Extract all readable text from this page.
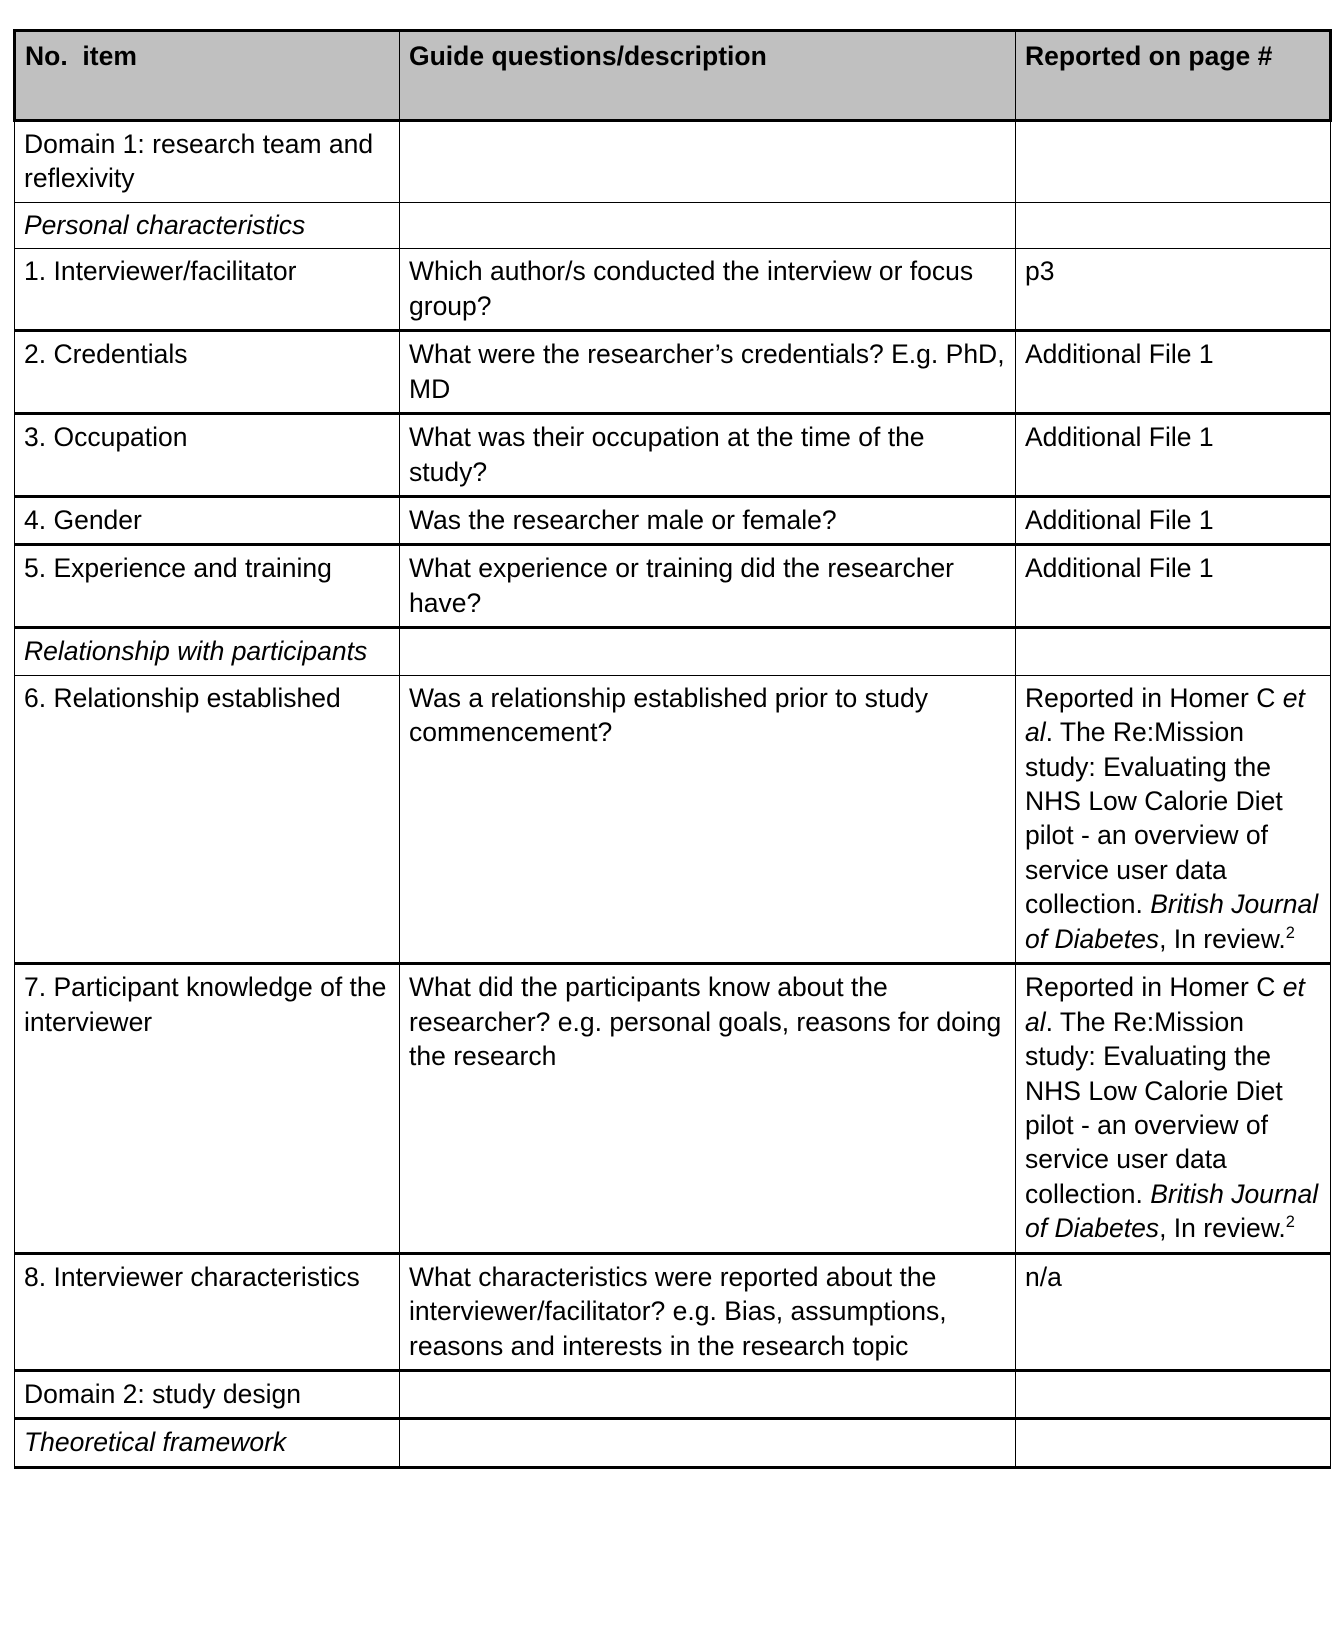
No.  item	Guide questions/description	Reported on page #
Domain 1: research team and reflexivity		
Personal characteristics		
1. Interviewer/facilitator	Which author/s conducted the interview or focus group?	p3
2. Credentials	What were the researcher’s credentials? E.g. PhD, MD	Additional File 1
3. Occupation	What was their occupation at the time of the study?	Additional File 1
4. Gender	Was the researcher male or female?	Additional File 1
5. Experience and training	What experience or training did the researcher have?	Additional File 1
Relationship with participants		
6. Relationship established	Was a relationship established prior to study commencement?	Reported in Homer C et al. The Re:Mission study: Evaluating the NHS Low Calorie Diet pilot - an overview of service user data collection. British Journal of Diabetes, In review.$^2$
7. Participant knowledge of the interviewer	What did the participants know about the researcher? e.g. personal goals, reasons for doing the research	Reported in Homer C et al. The Re:Mission study: Evaluating the NHS Low Calorie Diet pilot - an overview of service user data collection. British Journal of Diabetes, In review.$^2$
8. Interviewer characteristics	What characteristics were reported about the interviewer/facilitator? e.g. Bias, assumptions, reasons and interests in the research topic	n/a
Domain 2: study design		
Theoretical framework		
